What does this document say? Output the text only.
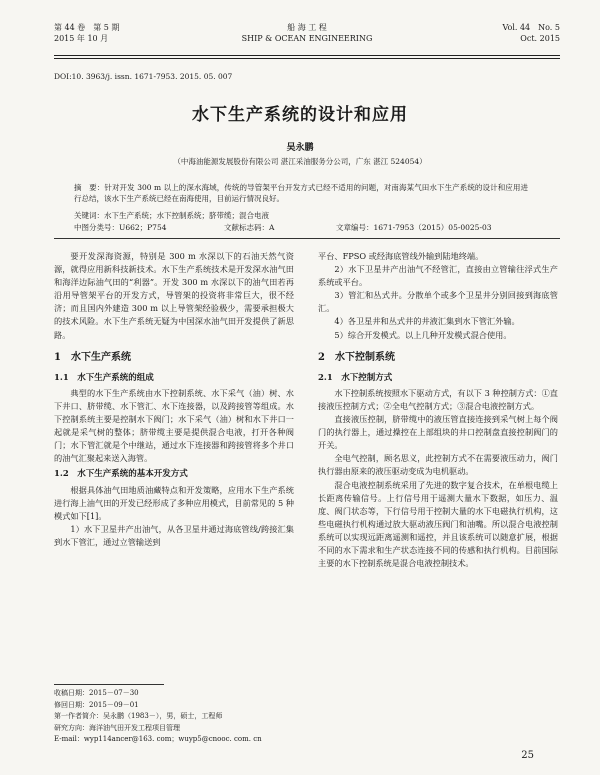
第 44 卷　第 5 期
2015 年 10 月
船 海 工 程
SHIP & OCEAN ENGINEERING
Vol. 44　No. 5
Oct. 2015
DOI:10. 3963/j. issn. 1671-7953. 2015. 05. 007
水下生产系统的设计和应用
吴永鹏
（中海油能源发展股份有限公司 湛江采油服务分公司，广东 湛江 524054）
摘　要：针对开发 300 m 以上的深水海域，传统的导管架平台开发方式已经不适用的问题，对南海某气田水下生产系统的设计和应用进行总结，该水下生产系统已经在南海使用，目前运行情况良好。
关键词：水下生产系统；水下控制系统；脐带缆；混合电液
中图分类号：U662；P754	文献标志码：A	文章编号：1671-7953（2015）05-0025-03

要开发深海资源，特别是 300 m 水深以下的石油天然气资源，就得应用新科技新技术。水下生产系统技术是开发深水油气田和海洋边际油气田的“利器”。开发 300 m 水深以下的油气田若再沿用导管架平台的开发方式，导管架的投资将非常巨大，很不经济；而且国内外建造 300 m 以上导管架经验极少，需要承担极大的技术风险。水下生产系统无疑为中国深水油气田开发提供了新思路。

1　水下生产系统
1.1　水下生产系统的组成

典型的水下生产系统由水下控制系统、水下采气（油）树、水下井口、脐带缆、水下管汇、水下连接器，以及跨接管等组成。水下控制系统主要是控制水下阀门；水下采气（油）树和水下井口一起就是采气树的整体；脐带缆主要是提供混合电液，打开各种阀门；水下管汇就是个中继站，通过水下连接器和跨接管将多个井口的油气汇聚起来送入海管。

1.2　水下生产系统的基本开发方式

根据具体油气田地质油藏特点和开发策略，应用水下生产系统进行海上油气田的开发已经形成了多种应用模式，目前常见的 5 种模式如下[1]。

1）水下卫星井产出油气，从各卫星井通过海底管线/跨接汇集到水下管汇，通过立管输送到

收稿日期：2015－07－30
修回日期：2015－09－01
第一作者简介：吴永鹏（1983－），男，硕士，工程师
研究方向：海洋油气田开发工程项目管理
E-mail：wyp114ancer@163. com；wuyp5@cnooc. com. cn

平台、FPSO 或经海底管线外输到陆地终端。

2）水下卫星井产出油气不经管汇，直接由立管输往浮式生产系统或平台。

3）管汇和丛式井。分散单个或多个卫星井分别回接到海底管汇。

4）各卫星井和丛式井的井液汇集到水下管汇外输。

5）综合开发模式。以上几种开发模式混合使用。

2　水下控制系统
2.1　水下控制方式

水下控制系统按照水下驱动方式，有以下 3 种控制方式：①直接液压控制方式；②全电气控制方式；③混合电液控制方式。

直接液压控制，脐带缆中的液压管直接连接到采气树上每个阀门的执行器上，通过操控在上部组块的井口控制盘直接控制阀门的开关。

全电气控制，顾名思义，此控制方式不在需要液压动力，阀门执行器由原来的液压驱动变成为电机驱动。

混合电液控制系统采用了先进的数字复合技术，在单根电缆上长距离传输信号。上行信号用于遥测大量水下数据，如压力、温度、阀门状态等，下行信号用于控制大量的水下电磁执行机构，这些电磁执行机构通过放大驱动液压阀门和油嘴。所以混合电液控制系统可以实现远距离遥测和遥控，并且该系统可以随意扩展，根据不同的水下需求和生产状态连接不同的传感和执行机构。目前国际主要的水下控制系统是混合电液控制技术。

25
